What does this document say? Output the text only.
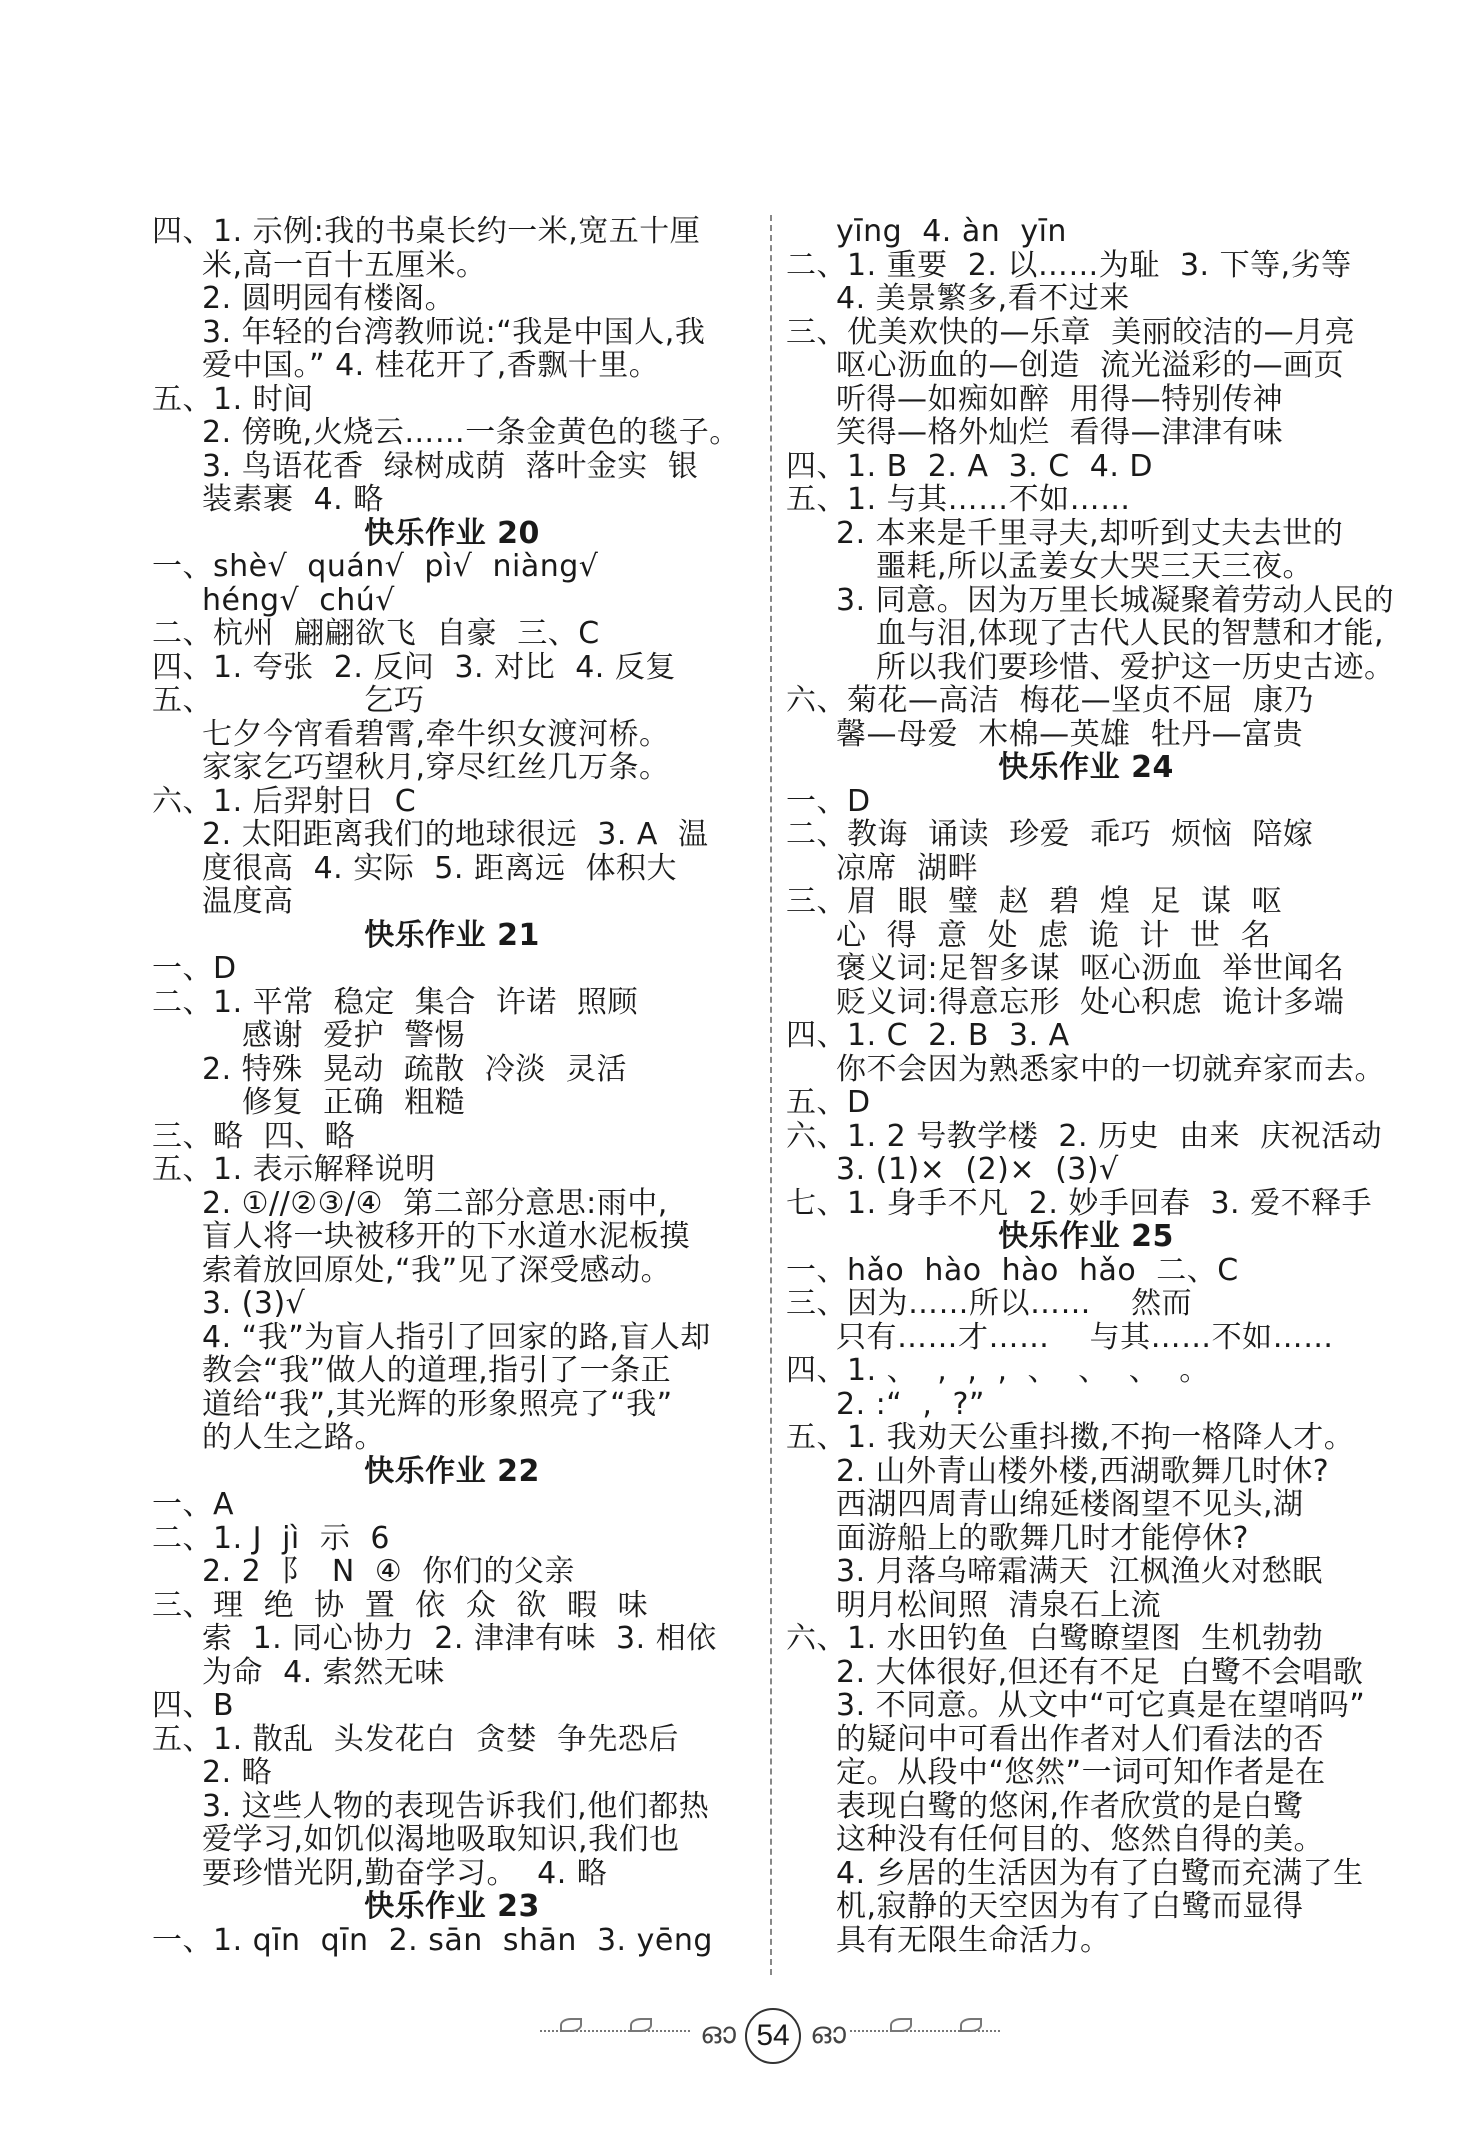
四、1. 示例:我的书桌长约一米,宽五十厘
米,高一百十五厘米。
2. 圆明园有楼阁。
3. 年轻的台湾教师说:“我是中国人,我
爱中国。” 4. 桂花开了,香飘十里。
五、1. 时间
2. 傍晚,火烧云……一条金黄色的毯子。
3. 鸟语花香  绿树成荫  落叶金实  银
装素裹  4. 略
快乐作业 20
一、shè√  quán√  pì√  niàng√
héng√  chú√
二、杭州  翩翩欲飞  自豪  三、C
四、1. 夸张  2. 反问  3. 对比  4. 反复
五、               乞巧
七夕今宵看碧霄,牵牛织女渡河桥。
家家乞巧望秋月,穿尽红丝几万条。
六、1. 后羿射日  C
2. 太阳距离我们的地球很远  3. A  温
度很高  4. 实际  5. 距离远  体积大
温度高
快乐作业 21
一、D
二、1. 平常  稳定  集合  许诺  照顾
感谢  爱护  警惕
2. 特殊  晃动  疏散  冷淡  灵活
修复  正确  粗糙
三、略  四、略
五、1. 表示解释说明
2. ①//②③/④  第二部分意思:雨中,
盲人将一块被移开的下水道水泥板摸
索着放回原处,“我”见了深受感动。
3. (3)√
4. “我”为盲人指引了回家的路,盲人却
教会“我”做人的道理,指引了一条正
道给“我”,其光辉的形象照亮了“我”
的人生之路。
快乐作业 22
一、A
二、1. J  jì  示  6
2. 2  阝  N  ④  你们的父亲
三、理  绝  协  置  依  众  欲  暇  味
索  1. 同心协力  2. 津津有味  3. 相依
为命  4. 索然无味
四、B
五、1. 散乱  头发花白  贪婪  争先恐后
2. 略
3. 这些人物的表现告诉我们,他们都热
爱学习,如饥似渴地吸取知识,我们也
要珍惜光阴,勤奋学习。  4. 略
快乐作业 23
一、1. qīn  qīn  2. sān  shān  3. yēng
yīng  4. àn  yīn
二、1. 重要  2. 以……为耻  3. 下等,劣等
4. 美景繁多,看不过来
三、优美欢快的—乐章  美丽皎洁的—月亮
呕心沥血的—创造  流光溢彩的—画页
听得—如痴如醉  用得—特别传神
笑得—格外灿烂  看得—津津有味
四、1. B  2. A  3. C  4. D
五、1. 与其……不如……
2. 本来是千里寻夫,却听到丈夫去世的
噩耗,所以孟姜女大哭三天三夜。
3. 同意。因为万里长城凝聚着劳动人民的
血与泪,体现了古代人民的智慧和才能,
所以我们要珍惜、爱护这一历史古迹。
六、菊花—高洁  梅花—坚贞不屈  康乃
馨—母爱  木棉—英雄  牡丹—富贵
快乐作业 24
一、D
二、教诲  诵读  珍爱  乖巧  烦恼  陪嫁
凉席  湖畔
三、眉  眼  璧  赵  碧  煌  足  谋  呕
心  得  意  处  虑  诡  计  世  名
褒义词:足智多谋  呕心沥血  举世闻名
贬义词:得意忘形  处心积虑  诡计多端
四、1. C  2. B  3. A
你不会因为熟悉家中的一切就弃家而去。
五、D
六、1. 2 号教学楼  2. 历史  由来  庆祝活动
3. (1)×  (2)×  (3)√
七、1. 身手不凡  2. 妙手回春  3. 爱不释手
快乐作业 25
一、hǎo  hào  hào  hǎo  二、C
三、因为……所以……    然而
只有……才……    与其……不如……
四、1. 、  ,  ,  ,  、  、  、  。
2. :“  ,  ?”
五、1. 我劝天公重抖擞,不拘一格降人才。
2. 山外青山楼外楼,西湖歌舞几时休?
西湖四周青山绵延楼阁望不见头,湖
面游船上的歌舞几时才能停休?
3. 月落乌啼霜满天  江枫渔火对愁眠
明月松间照  清泉石上流
六、1. 水田钓鱼  白鹭瞭望图  生机勃勃
2. 大体很好,但还有不足  白鹭不会唱歌
3. 不同意。从文中“可它真是在望哨吗”
的疑问中可看出作者对人们看法的否
定。从段中“悠然”一词可知作者是在
表现白鹭的悠闲,作者欣赏的是白鹭
这种没有任何目的、悠然自得的美。
4. 乡居的生活因为有了白鹭而充满了生
机,寂静的天空因为有了白鹭而显得
具有无限生命活力。
ഓ 54 ഓ
